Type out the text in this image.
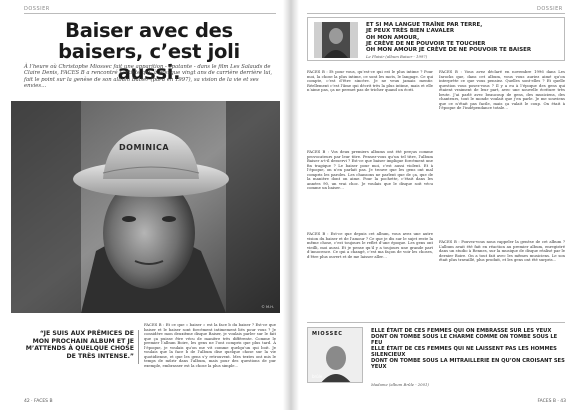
DOSSIER
Baiser avec des baisers, c’est joli aussi.

À l’heure où Christophe Miossec fait une apparition - épatante - dans le film Les Salauds de Claire Denis, FACES B a rencontré l’artiste qui, à presque vingt ans de carrière derrière lui, fait le point sur la genèse de son album Baiser (paru en 1997), sa vision de la vie et ses envies…

DOMINICA
© M.H.
“JE SUIS AUX PRÉMICES DE MON PROCHAIN ALBUM ET JE M’ATTENDS À QUELQUE CHOSE DE TRÈS INTENSE.”
FACES B : Et ce que « baiser » est la face b du baiser ? Est-ce que baiser et le baiser sont forcément intimement liés pour vous ? Je considère mon deuxième disque Baiser, je voulais parler sur le fait que ça puisse être vécu de manière très différente. Comme le premier l’album Boire, les gens ne l’ont compris que plus tard. À l’époque, je voulais qu’on me vit comme quelqu’un qui boit. Je voulais que la face b de l’album dise quelque chose sur la vie quotidienne, et que les gens s’y retrouvent. Mes textes ont mis le temps de mûrir dans l’album, mais pour des questions de pur exemple, embrasser est la chose la plus simple…
42 · FACES B
DOSSIER
ET SI MA LANGUE TRAÎNE PAR TERRE,
JE PEUX TRÈS BIEN L’AVALER
OH MON AMOUR,
JE CRÈVE DE NE POUVOIR TE TOUCHER
OH MON AMOUR JE CRÈVE DE NE POUVOIR TE BAISER
Le Plaisir (album Baiser - 1997)
FACES B : Et pour vous, qu’est-ce qui est le plus intime ? Pour moi, la chose la plus intime, ce sont les mots, le langage. Ce qui compte, c’est d’être sincère. Je ne veux jamais mentir. Réellement c’est l’âme qui décrit très la plus intime, mais et elle n’aime pas, ça ne permet pas de tricher quand on écrit.
FACES B : Vos deux premiers albums ont été perçus comme provocateurs par leur titre. Pensez-vous qu’un tel titre, l’album Baiser a-t-il desservi ? Est-ce que baiser implique forcément une fin tragique ? Le baiser pour moi, c’est aussi violent. Et à l’époque, on n’en parlait pas. Je trouve que les gens ont mal compris les paroles. Les chansons ne parlent que de ça, que de la manière dont on aime. Pour la pochette, c’était dans les années 90, un vrai choc. Je voulais que le disque soit vécu comme un baiser…
FACES B : Est-ce que depuis cet album, vous avez une autre vision du baiser et de l’amour ? Ce que je dis sur le sujet reste la même chose, c’est toujours le reflet d’une époque. Les gens ont vieilli, moi aussi. Et je pense qu’il y a toujours une grande part d’innocence. Ce qui a changé, c’est ma façon de voir les choses, d’être plus ouvert et de me laisser aller…
FACES B : Vous avez déclaré en novembre 1996 dans Les Inrocks que, dans cet album, vous vous auriez aimé qu’on interprète ce que vous pensiez. Quelles sont-elles ? Et quelle question vous posez-vous ? Il y a eu à l’époque des gens qui étaient vraiment de leur part, avec une nouvelle écriture très brute. J’ai parlé avec beaucoup de gens, des musiciens, des chanteurs, tout le monde voulait que j’en parle. Je me souviens que ce n’était pas facile, mais ça valait le coup. On était à l’époque de l’indépendance totale…
FACES B : Pouvez-vous nous rappeler la genèse de cet album ? L’album avait été fait en réaction au premier album, enregistré dans un studio à Rennes, sur la musique de disque réalisé par le dernier Boire. On a tout fait avec les mêmes musiciens. Le son était plus travaillé, plus produit, et les gens ont été surpris…
MIOSSEC
brûle
ELLE ÉTAIT DE CES FEMMES QUI ON EMBRASSE SUR LES YEUX
DONT ON TOMBE SOUS LE CHARME COMME ON TOMBE SOUS LE FEU
ELLE ÉTAIT DE CES FEMMES QUI NE LAISSENT PAS LES HOMMES SILENCIEUX
DONT ON TOMBE SOUS LA MITRAILLERIE EN QU’ON CROISANT SES YEUX
Madame (album Brûle - 2001)
FACES B · 43
